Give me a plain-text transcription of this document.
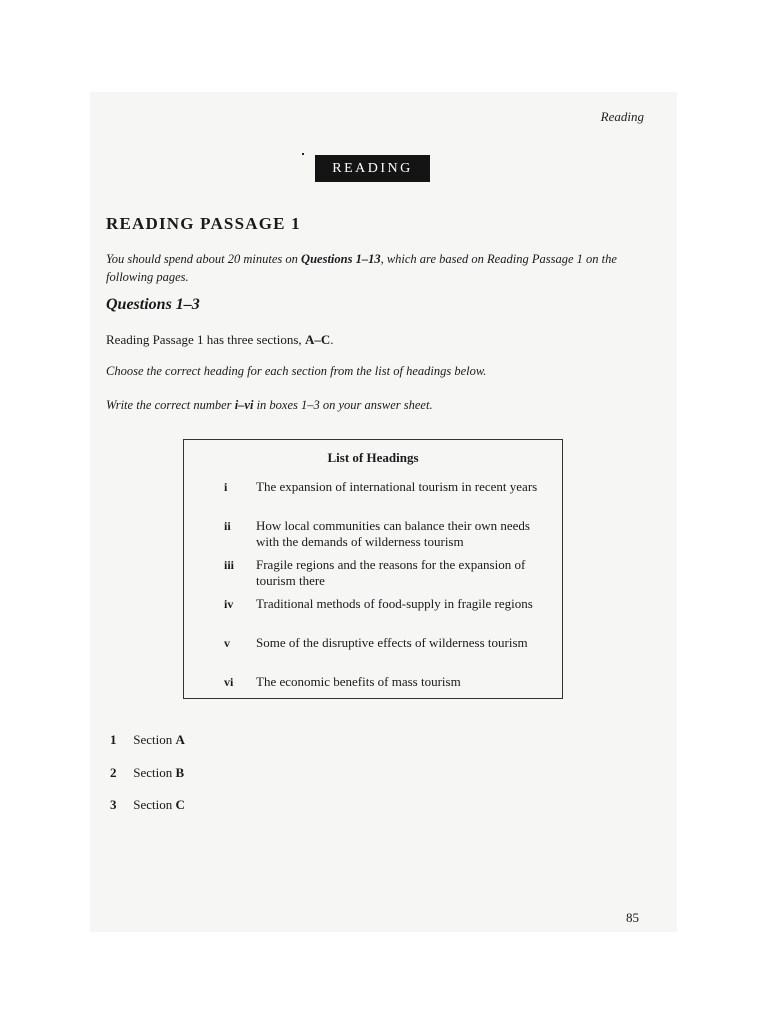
Reading
READING
READING PASSAGE 1
You should spend about 20 minutes on Questions 1–13, which are based on Reading Passage 1 on the following pages.
Questions 1–3
Reading Passage 1 has three sections, A–C.
Choose the correct heading for each section from the list of headings below.
Write the correct number i–vi in boxes 1–3 on your answer sheet.
List of Headings
i	The expansion of international tourism in recent years
ii	How local communities can balance their own needs with the demands of wilderness tourism
iii	Fragile regions and the reasons for the expansion of tourism there
iv	Traditional methods of food-supply in fragile regions
v	Some of the disruptive effects of wilderness tourism
vi	The economic benefits of mass tourism
1 Section A
2 Section B
3 Section C
85
